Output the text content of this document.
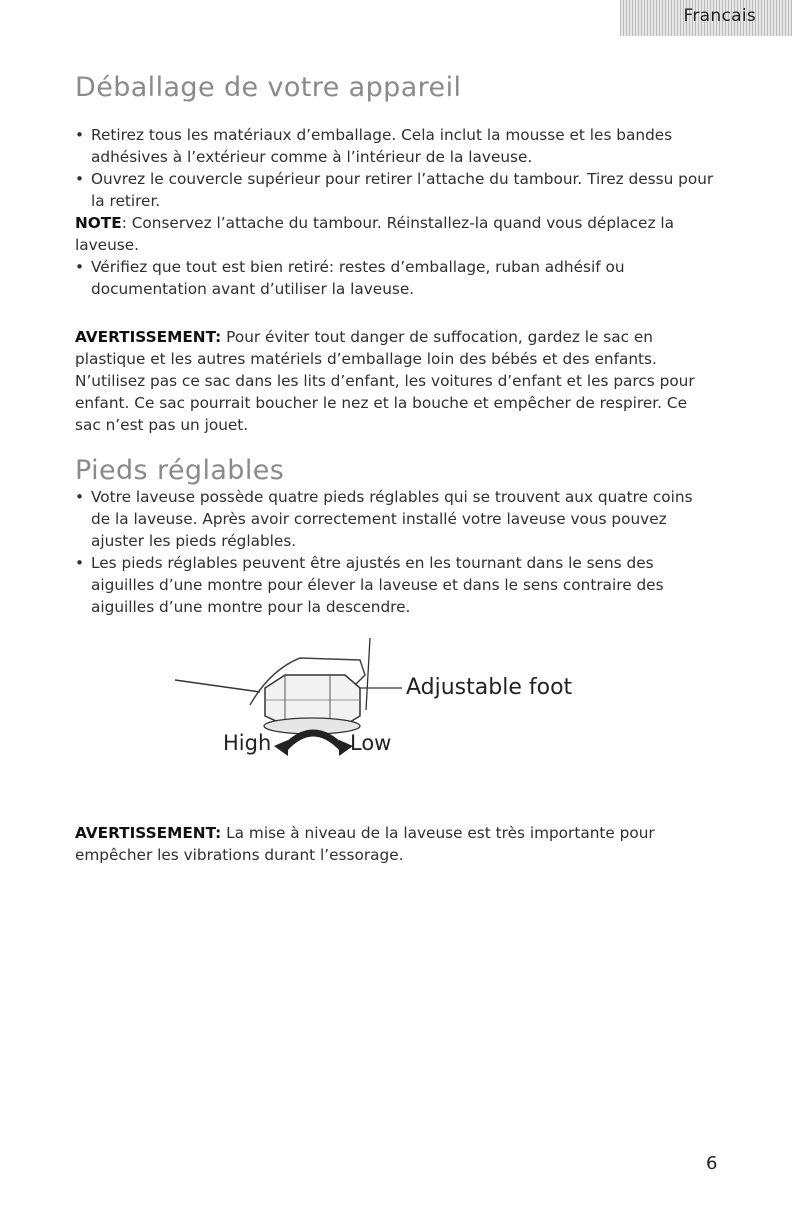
Francais
Déballage de votre appareil
• Retirez tous les matériaux d’emballage. Cela inclut la mousse et les bandes adhésives à l’extérieur comme à l’intérieur de la laveuse.
• Ouvrez le couvercle supérieur pour retirer l’attache du tambour. Tirez dessu pour la retirer.
NOTE: Conservez l’attache du tambour. Réinstallez-la quand vous déplacez la laveuse.
• Vérifiez que tout est bien retiré: restes d’emballage, ruban adhésif ou documentation avant d’utiliser la laveuse.
AVERTISSEMENT: Pour éviter tout danger de suffocation, gardez le sac en plastique et les autres matériels d’emballage loin des bébés et des enfants. N’utilisez pas ce sac dans les lits d’enfant, les voitures d’enfant et les parcs pour enfant. Ce sac pourrait boucher le nez et la bouche et empêcher de respirer. Ce sac n’est pas un jouet.
Pieds réglables
• Votre laveuse possède quatre pieds réglables qui se trouvent aux quatre coins de la laveuse. Après avoir correctement installé votre laveuse vous pouvez ajuster les pieds réglables.
• Les pieds réglables peuvent être ajustés en les tournant dans le sens des aiguilles d’une montre pour élever la laveuse et dans le sens contraire des aiguilles d’une montre pour la descendre.
Adjustable foot
High	Low
AVERTISSEMENT: La mise à niveau de la laveuse est très importante pour empêcher les vibrations durant l’essorage.
6
